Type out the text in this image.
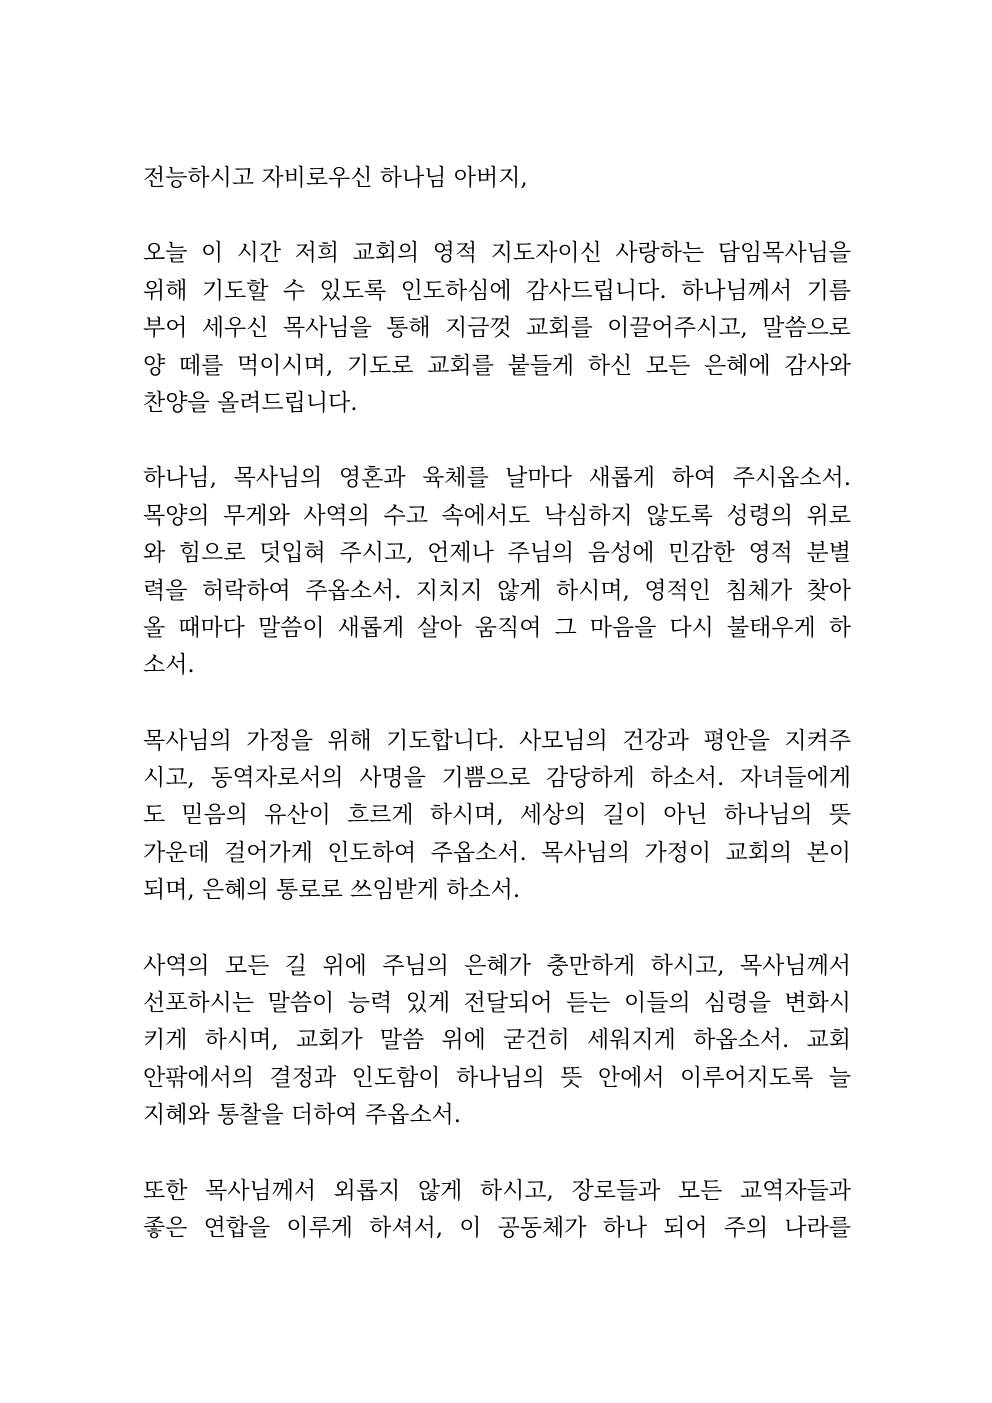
전능하시고 자비로우신 하나님 아버지,
오늘 이 시간 저희 교회의 영적 지도자이신 사랑하는 담임목사님을
위해 기도할 수 있도록 인도하심에 감사드립니다. 하나님께서 기름
부어 세우신 목사님을 통해 지금껏 교회를 이끌어주시고, 말씀으로
양 떼를 먹이시며, 기도로 교회를 붙들게 하신 모든 은혜에 감사와
찬양을 올려드립니다.
하나님, 목사님의 영혼과 육체를 날마다 새롭게 하여 주시옵소서.
목양의 무게와 사역의 수고 속에서도 낙심하지 않도록 성령의 위로
와 힘으로 덧입혀 주시고, 언제나 주님의 음성에 민감한 영적 분별
력을 허락하여 주옵소서. 지치지 않게 하시며, 영적인 침체가 찾아
올 때마다 말씀이 새롭게 살아 움직여 그 마음을 다시 불태우게 하
소서.
목사님의 가정을 위해 기도합니다. 사모님의 건강과 평안을 지켜주
시고, 동역자로서의 사명을 기쁨으로 감당하게 하소서. 자녀들에게
도 믿음의 유산이 흐르게 하시며, 세상의 길이 아닌 하나님의 뜻
가운데 걸어가게 인도하여 주옵소서. 목사님의 가정이 교회의 본이
되며, 은혜의 통로로 쓰임받게 하소서.
사역의 모든 길 위에 주님의 은혜가 충만하게 하시고, 목사님께서
선포하시는 말씀이 능력 있게 전달되어 듣는 이들의 심령을 변화시
키게 하시며, 교회가 말씀 위에 굳건히 세워지게 하옵소서. 교회
안팎에서의 결정과 인도함이 하나님의 뜻 안에서 이루어지도록 늘
지혜와 통찰을 더하여 주옵소서.
또한 목사님께서 외롭지 않게 하시고, 장로들과 모든 교역자들과
좋은 연합을 이루게 하셔서, 이 공동체가 하나 되어 주의 나라를
